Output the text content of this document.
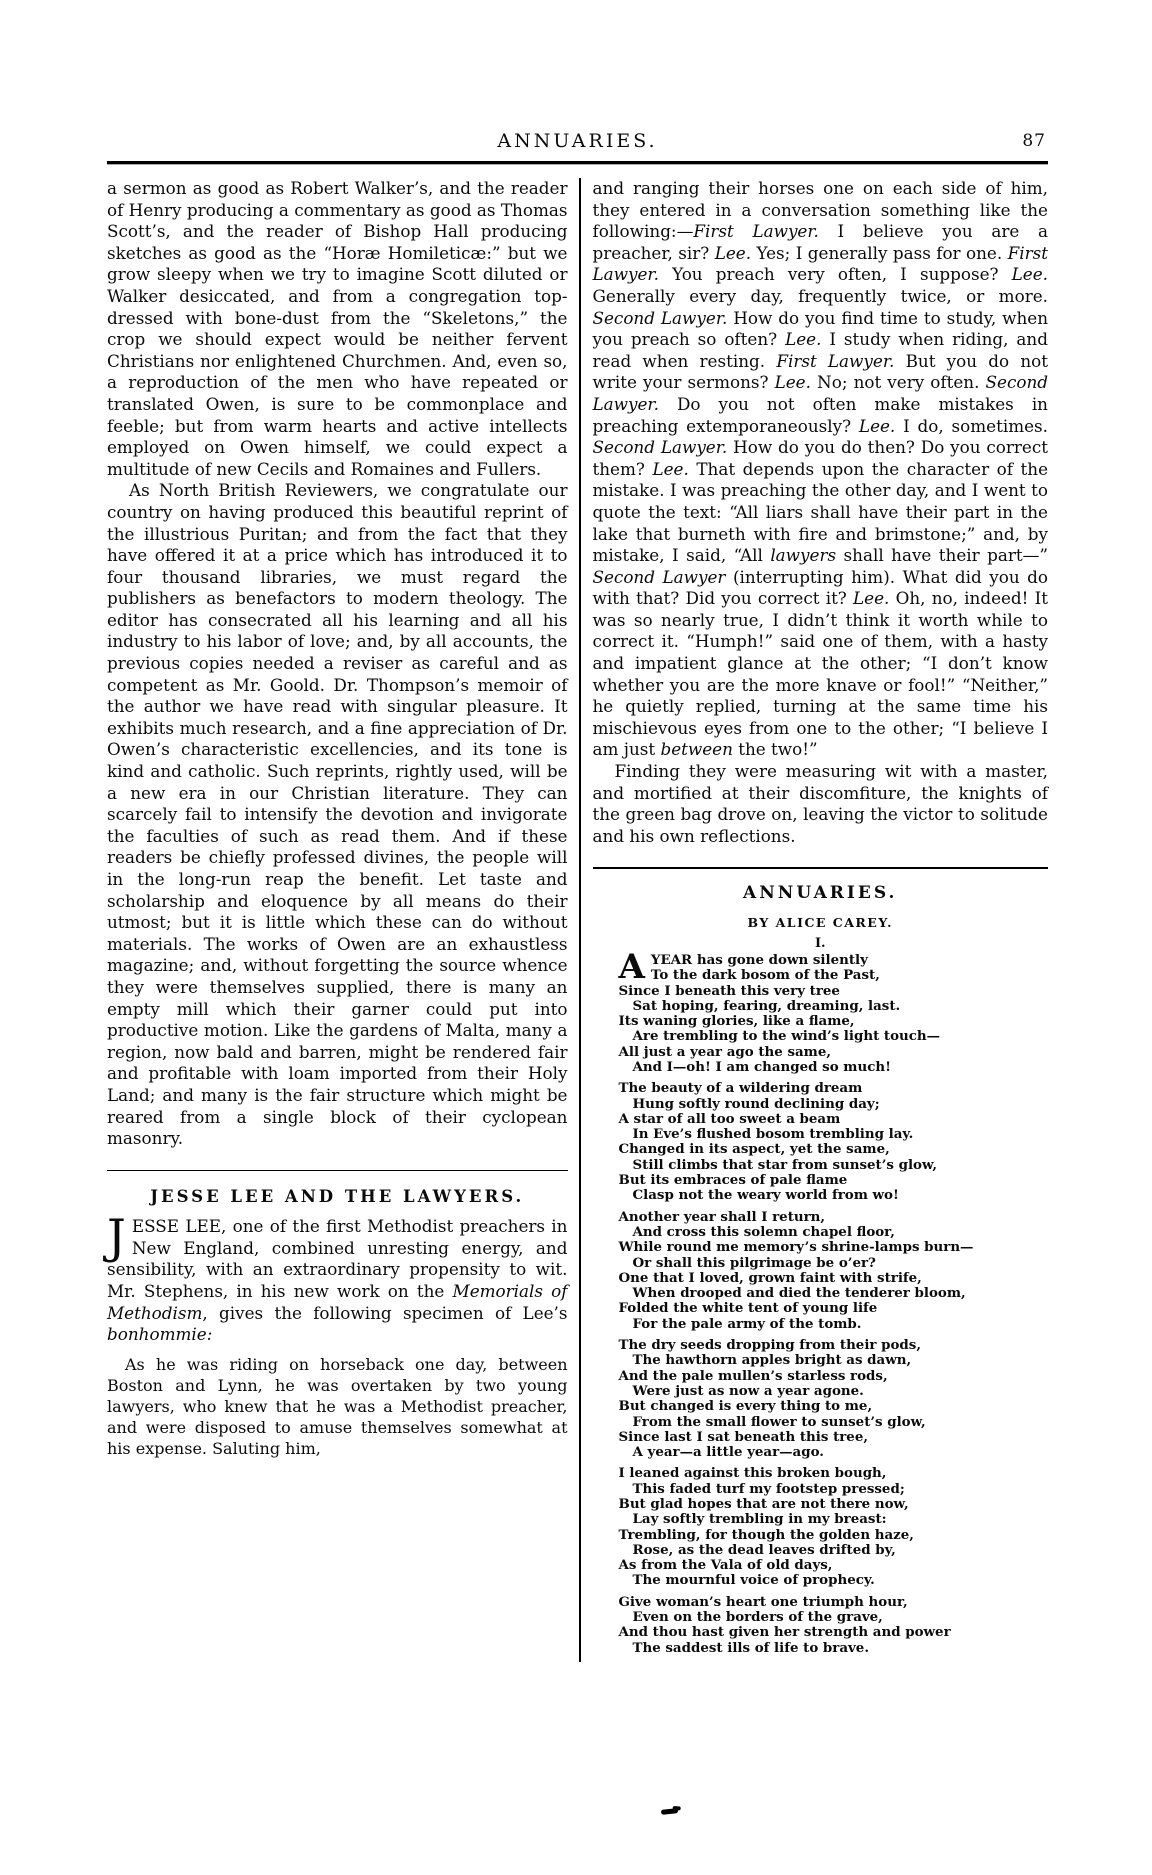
ANNUARIES.	87

a sermon as good as Robert Walker’s, and the reader of Henry producing a commentary as good as Thomas Scott’s, and the reader of Bishop Hall producing sketches as good as the “Horæ Homileticæ:” but we grow sleepy when we try to imagine Scott diluted or Walker desiccated, and from a congregation top-dressed with bone-dust from the “Skeletons,” the crop we should expect would be neither fervent Christians nor enlightened Churchmen. And, even so, a reproduction of the men who have repeated or translated Owen, is sure to be commonplace and feeble; but from warm hearts and active intellects employed on Owen himself, we could expect a multitude of new Cecils and Romaines and Fullers.

As North British Reviewers, we congratulate our country on having produced this beautiful reprint of the illustrious Puritan; and from the fact that they have offered it at a price which has introduced it to four thousand libraries, we must regard the publishers as benefactors to modern theology. The editor has consecrated all his learning and all his industry to his labor of love; and, by all accounts, the previous copies needed a reviser as careful and as competent as Mr. Goold. Dr. Thompson’s memoir of the author we have read with singular pleasure. It exhibits much research, and a fine appreciation of Dr. Owen’s characteristic excellencies, and its tone is kind and catholic. Such reprints, rightly used, will be a new era in our Christian literature. They can scarcely fail to intensify the devotion and invigorate the faculties of such as read them. And if these readers be chiefly professed divines, the people will in the long-run reap the benefit. Let taste and scholarship and eloquence by all means do their utmost; but it is little which these can do without materials. The works of Owen are an exhaustless magazine; and, without forgetting the source whence they were themselves supplied, there is many an empty mill which their garner could put into productive motion. Like the gardens of Malta, many a region, now bald and barren, might be rendered fair and profitable with loam imported from their Holy Land; and many is the fair structure which might be reared from a single block of their cyclopean masonry.

JESSE LEE AND THE LAWYERS.

JESSE LEE, one of the first Methodist preachers in New England, combined unresting energy, and sensibility, with an extraordinary propensity to wit. Mr. Stephens, in his new work on the Memorials of Methodism, gives the following specimen of Lee’s bonhommie:

As he was riding on horseback one day, between Boston and Lynn, he was overtaken by two young lawyers, who knew that he was a Methodist preacher, and were disposed to amuse themselves somewhat at his expense. Saluting him,

and ranging their horses one on each side of him, they entered in a conversation something like the following:—First Lawyer. I believe you are a preacher, sir? Lee. Yes; I generally pass for one. First Lawyer. You preach very often, I suppose? Lee. Generally every day, frequently twice, or more. Second Lawyer. How do you find time to study, when you preach so often? Lee. I study when riding, and read when resting. First Lawyer. But you do not write your sermons? Lee. No; not very often. Second Lawyer. Do you not often make mistakes in preaching extemporaneously? Lee. I do, sometimes. Second Lawyer. How do you do then? Do you correct them? Lee. That depends upon the character of the mistake. I was preaching the other day, and I went to quote the text: “All liars shall have their part in the lake that burneth with fire and brimstone;” and, by mistake, I said, “All lawyers shall have their part—” Second Lawyer (interrupting him). What did you do with that? Did you correct it? Lee. Oh, no, indeed! It was so nearly true, I didn’t think it worth while to correct it. “Humph!” said one of them, with a hasty and impatient glance at the other; “I don’t know whether you are the more knave or fool!” “Neither,” he quietly replied, turning at the same time his mischievous eyes from one to the other; “I believe I am just between the two!”

Finding they were measuring wit with a master, and mortified at their discomfiture, the knights of the green bag drove on, leaving the victor to solitude and his own reflections.

ANNUARIES.
BY ALICE CAREY.
I.
A YEAR has gone down silently
To the dark bosom of the Past,
Since I beneath this very tree
Sat hoping, fearing, dreaming, last.
Its waning glories, like a flame,
Are trembling to the wind’s light touch—
All just a year ago the same,
And I—oh! I am changed so much!
The beauty of a wildering dream
Hung softly round declining day;
A star of all too sweet a beam
In Eve’s flushed bosom trembling lay.
Changed in its aspect, yet the same,
Still climbs that star from sunset’s glow,
But its embraces of pale flame
Clasp not the weary world from wo!
Another year shall I return,
And cross this solemn chapel floor,
While round me memory’s shrine-lamps burn—
Or shall this pilgrimage be o’er?
One that I loved, grown faint with strife,
When drooped and died the tenderer bloom,
Folded the white tent of young life
For the pale army of the tomb.
The dry seeds dropping from their pods,
The hawthorn apples bright as dawn,
And the pale mullen’s starless rods,
Were just as now a year agone.
But changed is every thing to me,
From the small flower to sunset’s glow,
Since last I sat beneath this tree,
A year—a little year—ago.
I leaned against this broken bough,
This faded turf my footstep pressed;
But glad hopes that are not there now,
Lay softly trembling in my breast:
Trembling, for though the golden haze,
Rose, as the dead leaves drifted by,
As from the Vala of old days,
The mournful voice of prophecy.
Give woman’s heart one triumph hour,
Even on the borders of the grave,
And thou hast given her strength and power
The saddest ills of life to brave.
